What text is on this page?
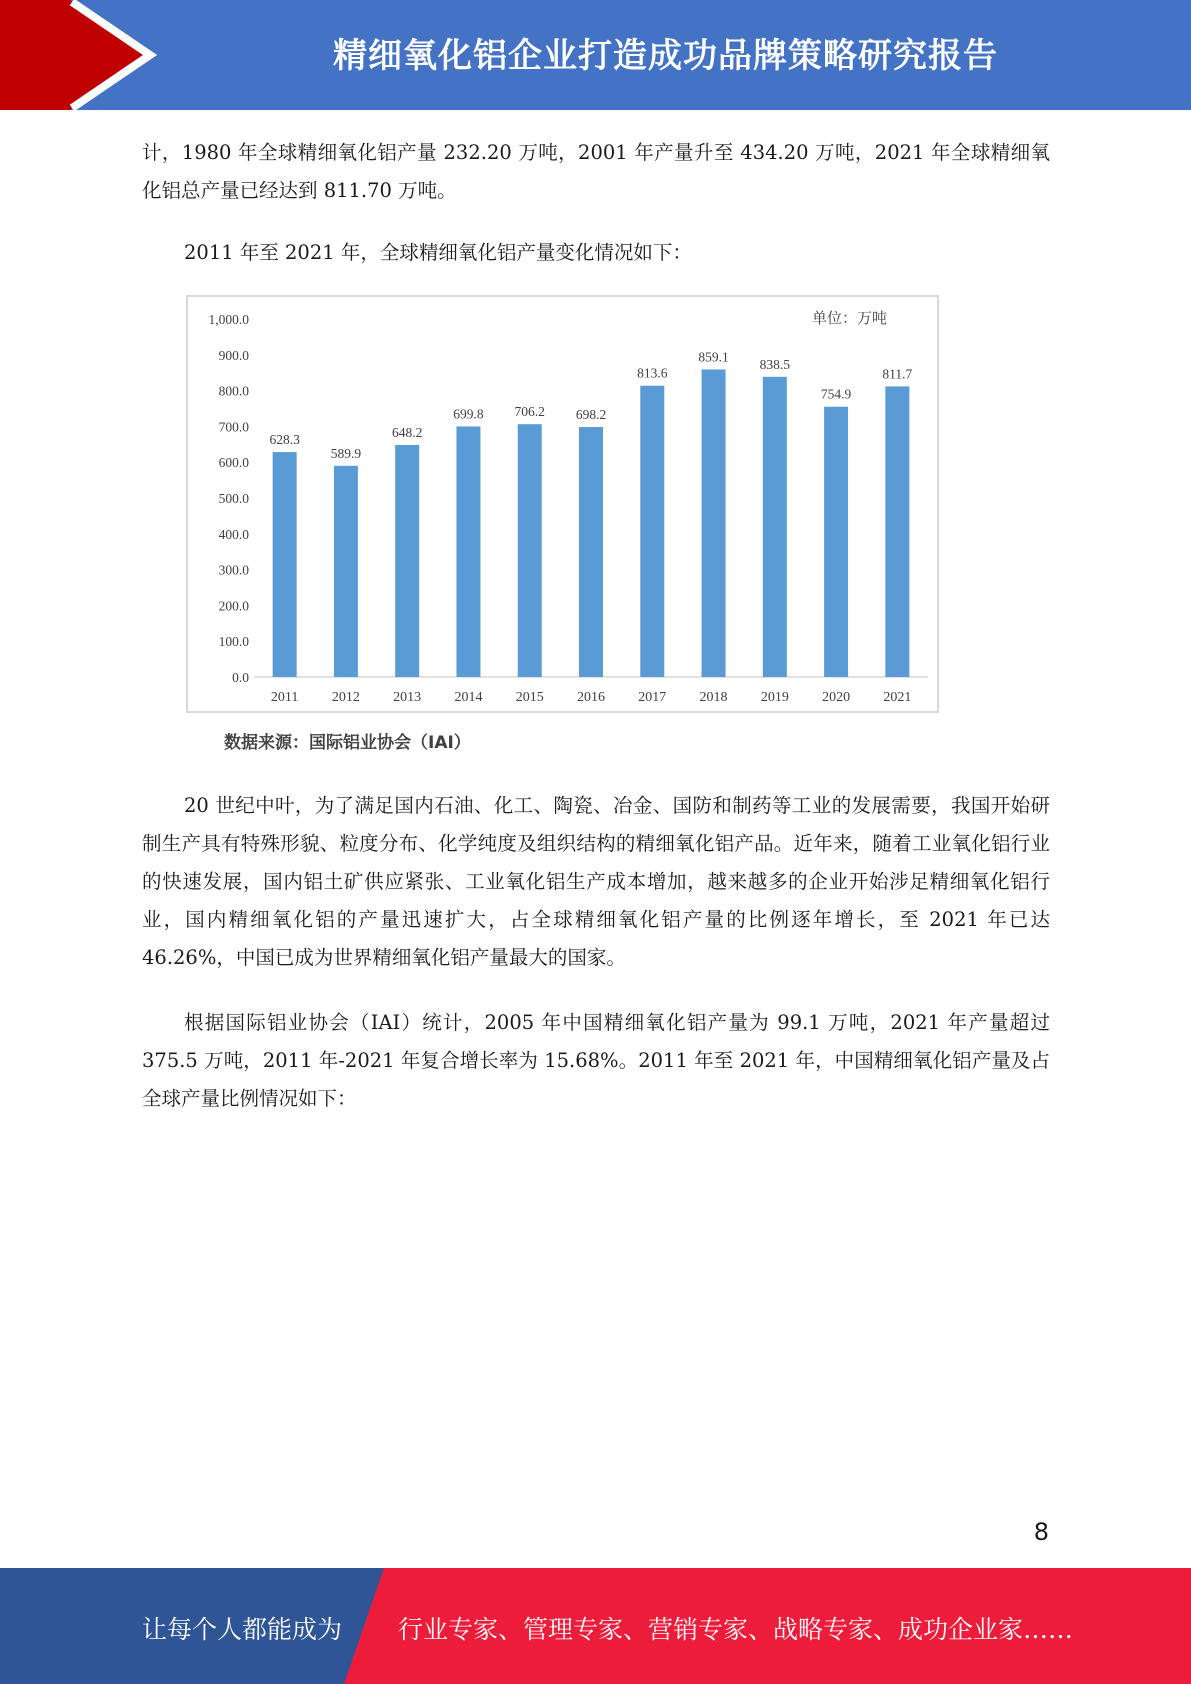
精细氧化铝企业打造成功品牌策略研究报告

计，1980 年全球精细氧化铝产量 232.20 万吨，2001 年产量升至 434.20 万吨，2021 年全球精细氧化铝总产量已经达到 811.70 万吨。

2011 年至 2021 年，全球精细氧化铝产量变化情况如下：

0.0
100.0
200.0
300.0
400.0
500.0
600.0
700.0
800.0
900.0
1,000.0
628.3
589.9
648.2
699.8 706.2 698.2
813.6
859.1 838.5
754.9
811.7
2011 2012 2013 2014 2015 2016 2017 2018 2019 2020 2021
单位：万吨
数据来源：国际铝业协会（IAI）

20 世纪中叶，为了满足国内石油、化工、陶瓷、冶金、国防和制药等工业的发展需要，我国开始研制生产具有特殊形貌、粒度分布、化学纯度及组织结构的精细氧化铝产品。近年来，随着工业氧化铝行业的快速发展，国内铝土矿供应紧张、工业氧化铝生产成本增加，越来越多的企业开始涉足精细氧化铝行业，国内精细氧化铝的产量迅速扩大，占全球精细氧化铝产量的比例逐年增长，至 2021 年已达 46.26%，中国已成为世界精细氧化铝产量最大的国家。

根据国际铝业协会（IAI）统计，2005 年中国精细氧化铝产量为 99.1 万吨，2021 年产量超过 375.5 万吨，2011 年-2021 年复合增长率为 15.68%。2011 年至 2021 年，中国精细氧化铝产量及占全球产量比例情况如下：

8
让每个人都能成为 行业专家、管理专家、营销专家、战略专家、成功企业家……
